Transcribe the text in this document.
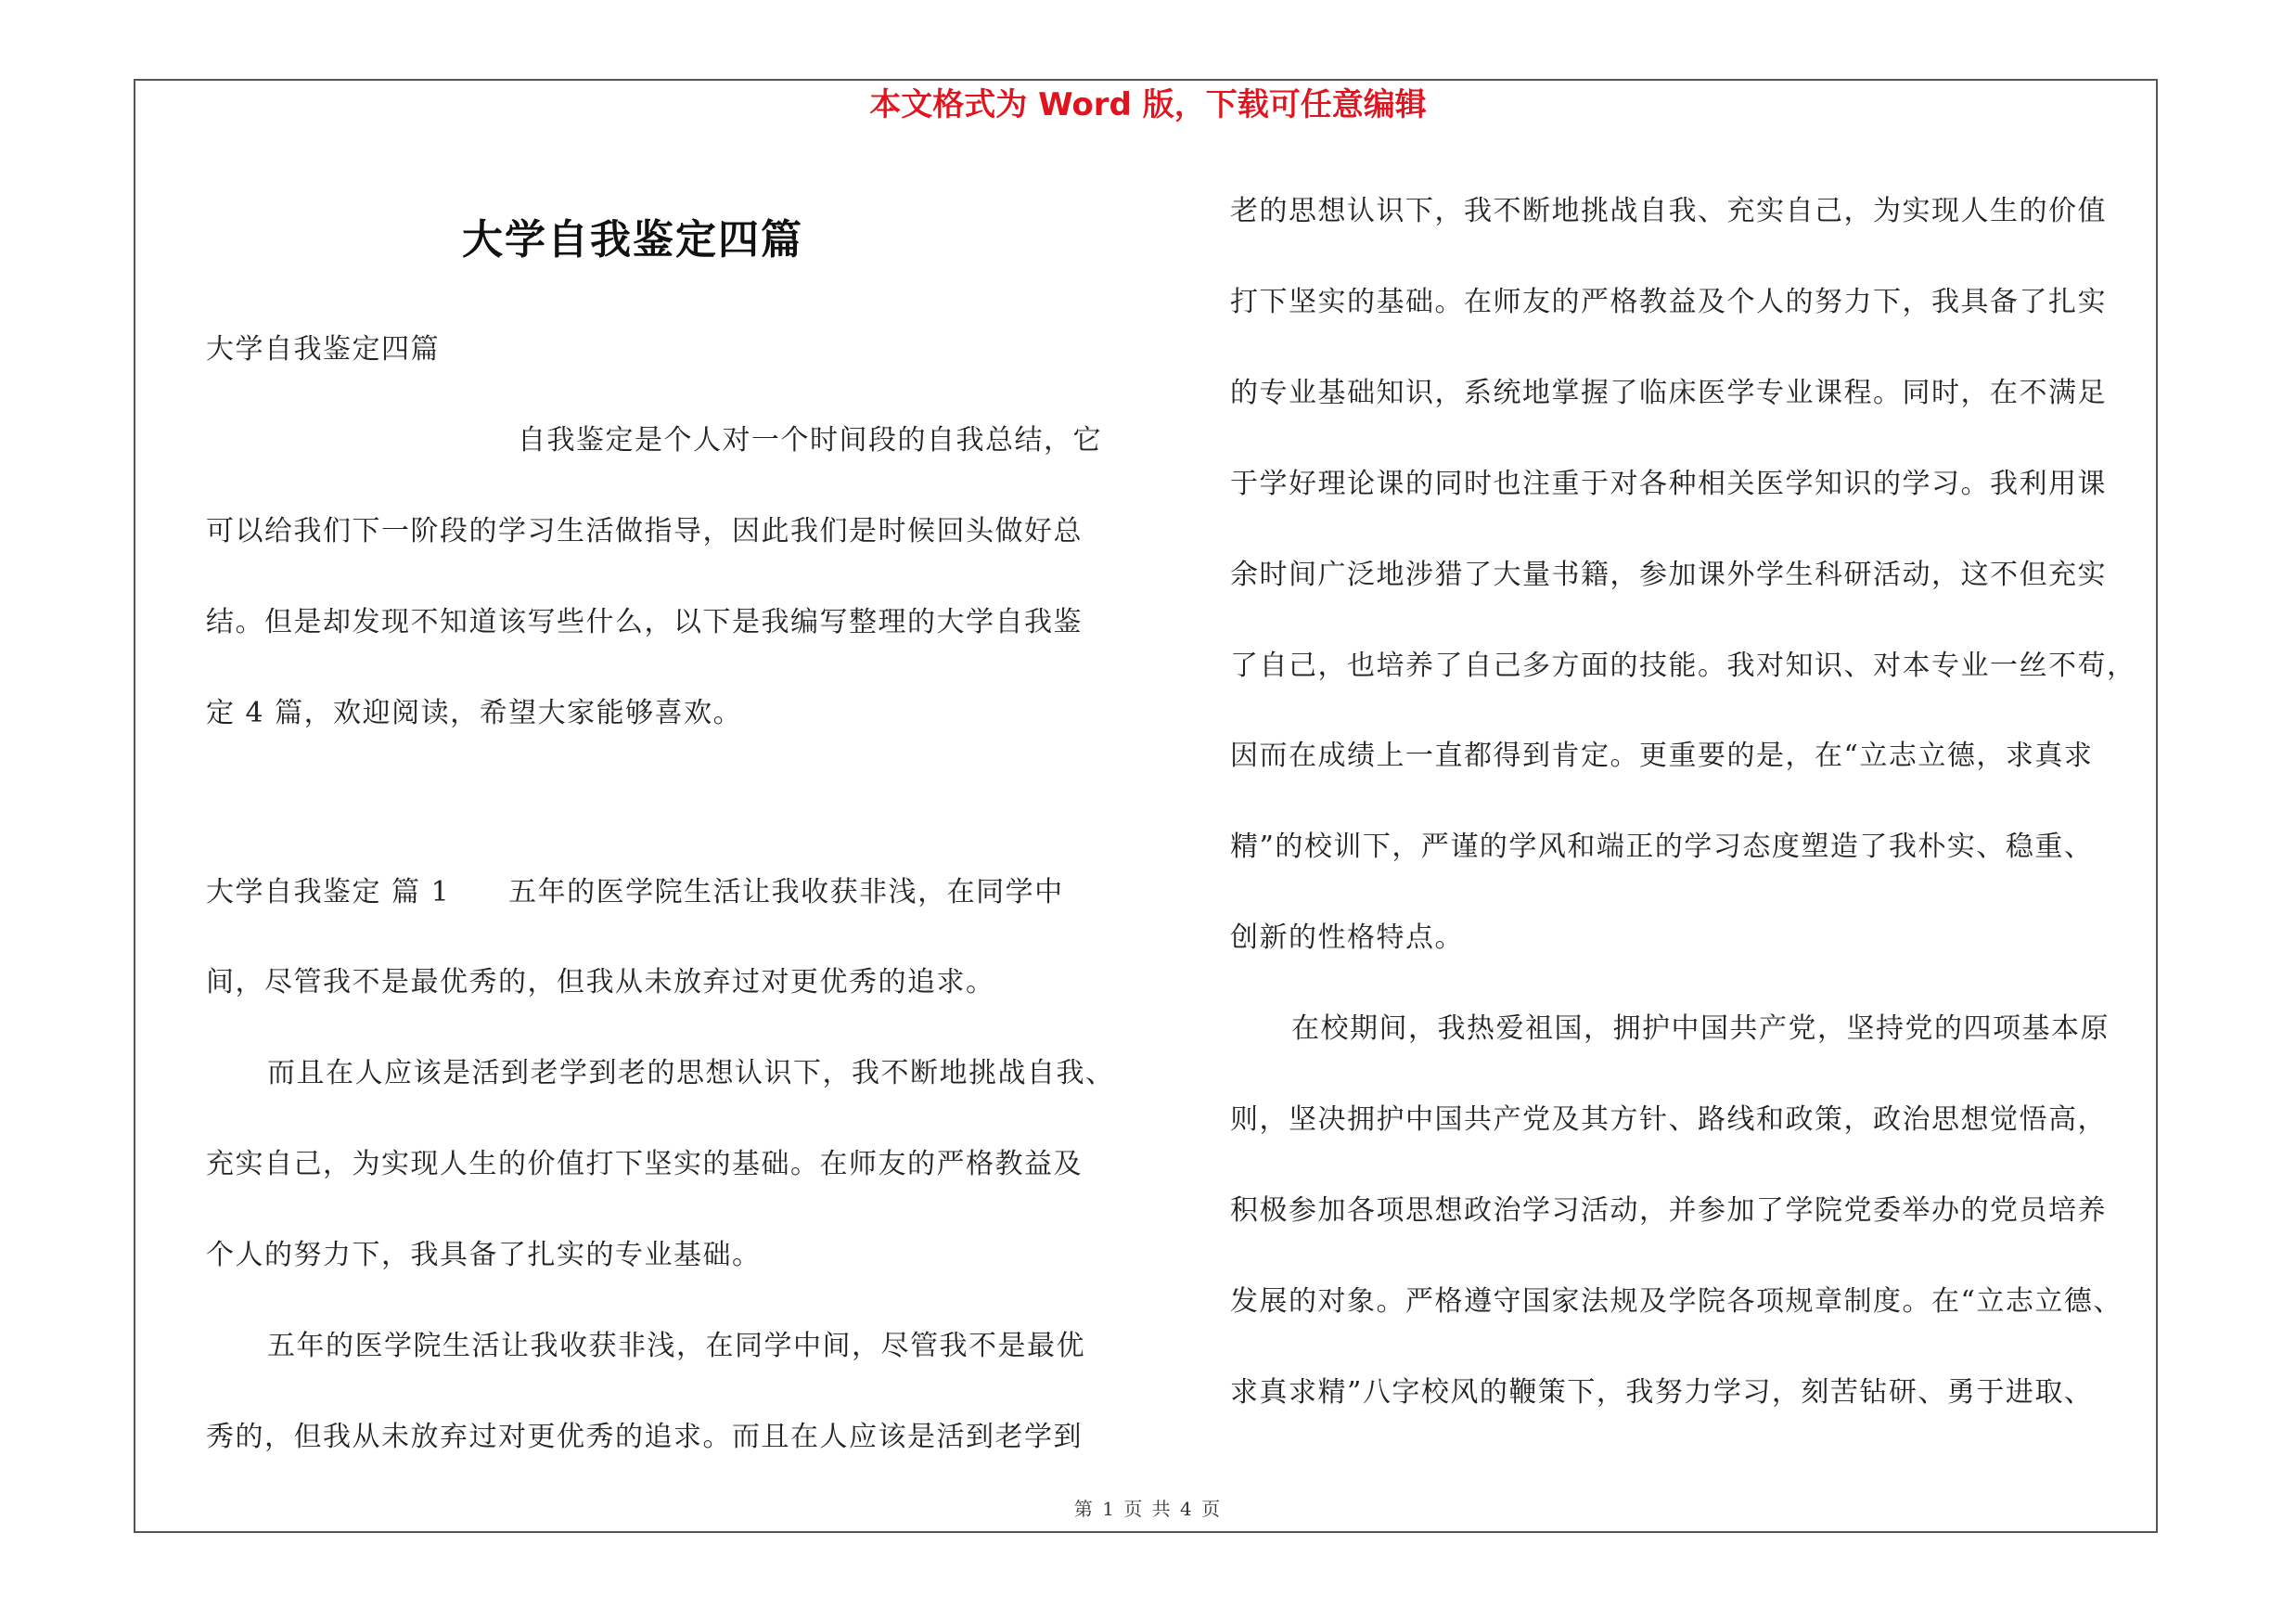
本文格式为 Word 版，下载可任意编辑
大学自我鉴定四篇
大学自我鉴定四篇
自我鉴定是个人对一个时间段的自我总结，它
可以给我们下一阶段的学习生活做指导，因此我们是时候回头做好总
结。但是却发现不知道该写些什么，以下是我编写整理的大学自我鉴
定 4 篇，欢迎阅读，希望大家能够喜欢。
大学自我鉴定 篇 1　　五年的医学院生活让我收获非浅，在同学中
间，尽管我不是最优秀的，但我从未放弃过对更优秀的追求。
而且在人应该是活到老学到老的思想认识下，我不断地挑战自我、
充实自己，为实现人生的价值打下坚实的基础。在师友的严格教益及
个人的努力下，我具备了扎实的专业基础。
五年的医学院生活让我收获非浅，在同学中间，尽管我不是最优
秀的，但我从未放弃过对更优秀的追求。而且在人应该是活到老学到
老的思想认识下，我不断地挑战自我、充实自己，为实现人生的价值
打下坚实的基础。在师友的严格教益及个人的努力下，我具备了扎实
的专业基础知识，系统地掌握了临床医学专业课程。同时，在不满足
于学好理论课的同时也注重于对各种相关医学知识的学习。我利用课
余时间广泛地涉猎了大量书籍，参加课外学生科研活动，这不但充实
了自己，也培养了自己多方面的技能。我对知识、对本专业一丝不苟，
因而在成绩上一直都得到肯定。更重要的是，在“立志立德，求真求
精”的校训下，严谨的学风和端正的学习态度塑造了我朴实、稳重、
创新的性格特点。
在校期间，我热爱祖国，拥护中国共产党，坚持党的四项基本原
则，坚决拥护中国共产党及其方针、路线和政策，政治思想觉悟高，
积极参加各项思想政治学习活动，并参加了学院党委举办的党员培养
发展的对象。严格遵守国家法规及学院各项规章制度。在“立志立德、
求真求精”八字校风的鞭策下，我努力学习，刻苦钻研、勇于进取、
第 1 页 共 4 页
